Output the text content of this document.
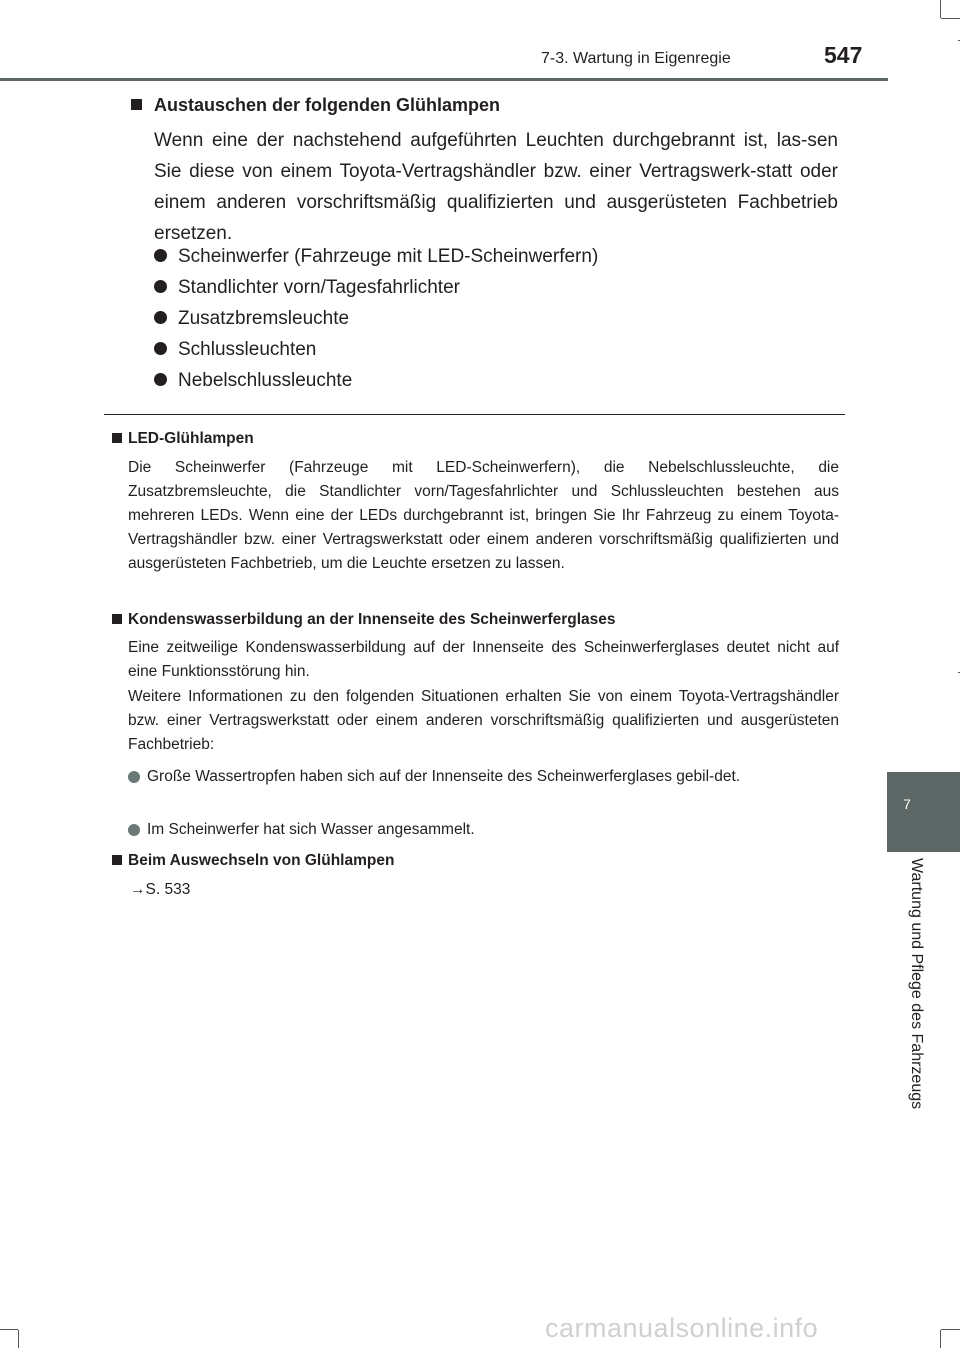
7-3. Wartung in Eigenregie	547
7
Wartung und Pflege des Fahrzeugs
Austauschen der folgenden Glühlampen
Wenn eine der nachstehend aufgeführten Leuchten durchgebrannt ist, las-sen Sie diese von einem Toyota-Vertragshändler bzw. einer Vertragswerk-statt oder einem anderen vorschriftsmäßig qualifizierten und ausgerüsteten Fachbetrieb ersetzen.
Scheinwerfer (Fahrzeuge mit LED-Scheinwerfern)
Standlichter vorn/Tagesfahrlichter
Zusatzbremsleuchte
Schlussleuchten
Nebelschlussleuchte
LED-Glühlampen
Die Scheinwerfer (Fahrzeuge mit LED-Scheinwerfern), die Nebelschlussleuchte, die Zusatzbremsleuchte, die Standlichter vorn/Tagesfahrlichter und Schlussleuchten bestehen aus mehreren LEDs. Wenn eine der LEDs durchgebrannt ist, bringen Sie Ihr Fahrzeug zu einem Toyota-Vertragshändler bzw. einer Vertragswerkstatt oder einem anderen vorschriftsmäßig qualifizierten und ausgerüsteten Fachbetrieb, um die Leuchte ersetzen zu lassen.
Kondenswasserbildung an der Innenseite des Scheinwerferglases
Eine zeitweilige Kondenswasserbildung auf der Innenseite des Scheinwerferglases deutet nicht auf eine Funktionsstörung hin.
Weitere Informationen zu den folgenden Situationen erhalten Sie von einem Toyota-Vertragshändler bzw. einer Vertragswerkstatt oder einem anderen vorschriftsmäßig qualifizierten und ausgerüsteten Fachbetrieb:
Große Wassertropfen haben sich auf der Innenseite des Scheinwerferglases gebil-det.
Im Scheinwerfer hat sich Wasser angesammelt.
Beim Auswechseln von Glühlampen
→S. 533
carmanualsonline.info
